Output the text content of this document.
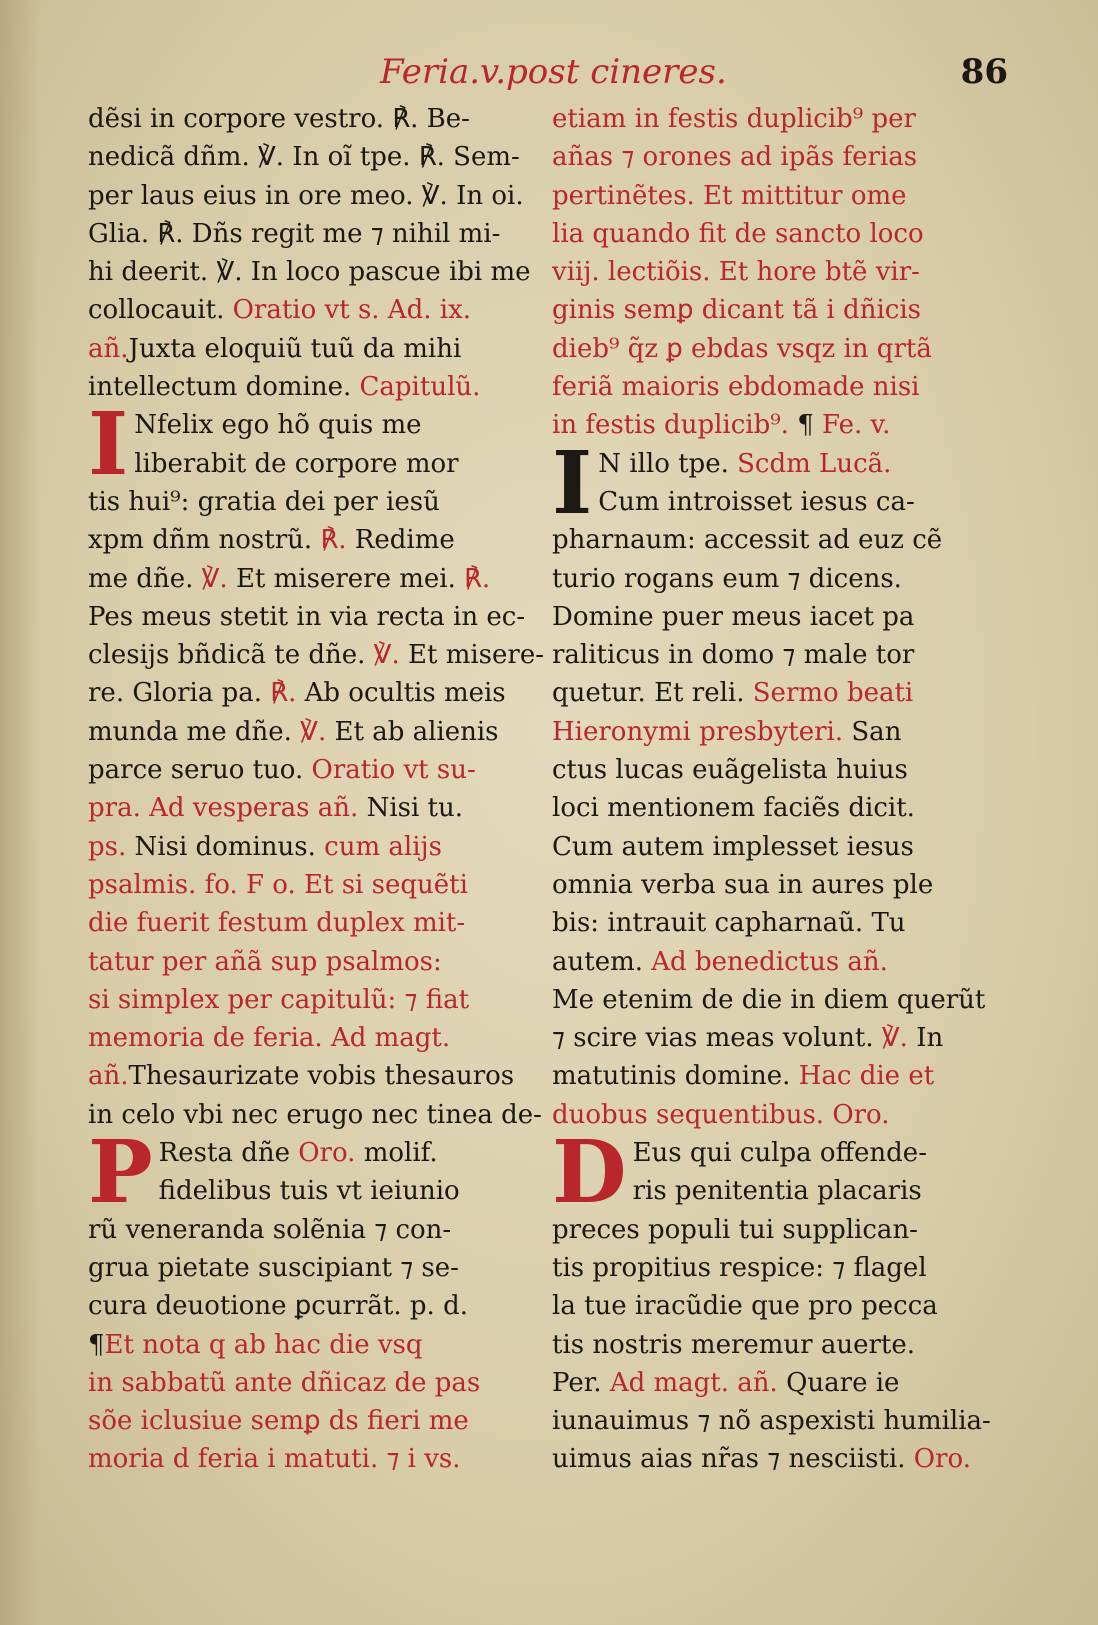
Feria.v.post cineres.	86
dẽsi in corpore vestro. ℟. Be-
nedicã dñm. ℣. In oĩ tpe. ℟. Sem-
per laus eius in ore meo. ℣. In oi.
Glia. ℟. Dñs regit me ⁊ nihil mi-
hi deerit. ℣. In loco pascue ibi me
collocauit. Oratio vt s. Ad. ix.
añ.Juxta eloquiũ tuũ da mihi
intellectum domine. Capitulũ.
I Nfelix ego hõ quis me
liberabit de corpore mor
tis hui⁹: gratia dei per iesũ
xpm dñm nostrũ. ℟. Redime
me dñe. ℣. Et miserere mei. ℟.
Pes meus stetit in via recta in ec-
clesijs bñdicã te dñe. ℣. Et misere-
re. Gloria pa. ℟. Ab ocultis meis
munda me dñe. ℣. Et ab alienis
parce seruo tuo. Oratio vt su-
pra. Ad vesperas añ. Nisi tu.
ps. Nisi dominus. cum alijs
psalmis. fo. F o. Et si sequẽti
die fuerit festum duplex mit-
tatur per añã sup psalmos:
si simplex per capitulũ: ⁊ fiat
memoria de feria. Ad magt.
añ.Thesaurizate vobis thesauros
in celo vbi nec erugo nec tinea de-
P Resta dñe Oro. molif.
fidelibus tuis vt ieiunio
rũ veneranda solẽnia ⁊ con-
grua pietate suscipiant ⁊ se-
cura deuotione ꝑcurrãt. p. d.
¶Et nota q ab hac die vsq
in sabbatũ ante dñicaz de pas
sõe iclusiue semꝑ ds fieri me
moria d feria i matuti. ⁊ i vs.
etiam in festis duplicib⁹ per
añas ⁊ orones ad ipãs ferias
pertinẽtes. Et mittitur ome
lia quando fit de sancto loco
viij. lectiõis. Et hore btẽ vir-
ginis semꝑ dicant tã i dñicis
dieb⁹ q̃z ꝑ ebdas vsqz in qrtã
feriã maioris ebdomade nisi
in festis duplicib⁹. ¶ Fe. v.
I N illo tpe. Scdm Lucã.
Cum introisset iesus ca-
pharnaum: accessit ad euz cẽ
turio rogans eum ⁊ dicens.
Domine puer meus iacet pa
raliticus in domo ⁊ male tor
quetur. Et reli. Sermo beati
Hieronymi presbyteri. San
ctus lucas euãgelista huius
loci mentionem faciẽs dicit.
Cum autem implesset iesus
omnia verba sua in aures ple
bis: intrauit capharnaũ. Tu
autem. Ad benedictus añ.
Me etenim de die in diem querũt
⁊ scire vias meas volunt. ℣. In
matutinis domine. Hac die et
duobus sequentibus. Oro.
D Eus qui culpa offende-
ris penitentia placaris
preces populi tui supplican-
tis propitius respice: ⁊ flagel
la tue iracũdie que pro pecca
tis nostris meremur auerte.
Per. Ad magt. añ. Quare ie
iunauimus ⁊ nõ aspexisti humilia-
uimus aias nr̃as ⁊ nesciisti. Oro.
